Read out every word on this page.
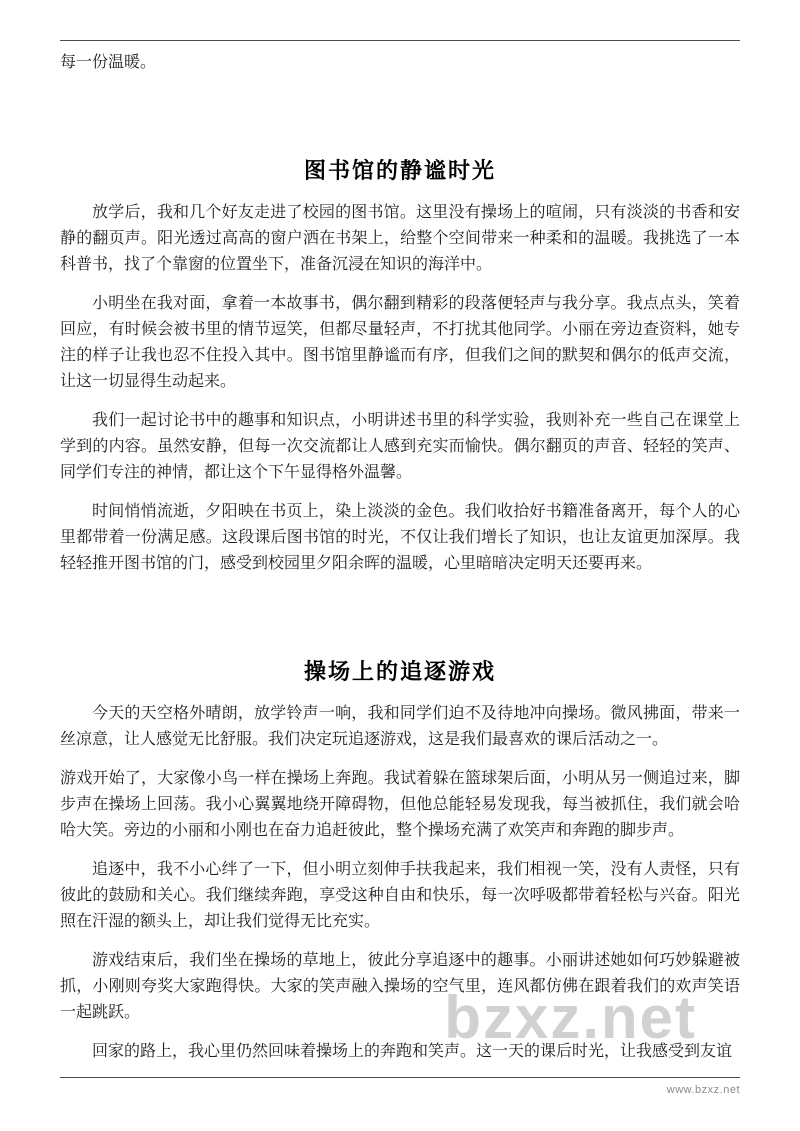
每一份温暖。
图书馆的静谧时光

放学后，我和几个好友走进了校园的图书馆。这里没有操场上的喧闹，只有淡淡的书香和安静的翻页声。阳光透过高高的窗户洒在书架上，给整个空间带来一种柔和的温暖。我挑选了一本科普书，找了个靠窗的位置坐下，准备沉浸在知识的海洋中。

小明坐在我对面，拿着一本故事书，偶尔翻到精彩的段落便轻声与我分享。我点点头，笑着回应，有时候会被书里的情节逗笑，但都尽量轻声，不打扰其他同学。小丽在旁边查资料，她专注的样子让我也忍不住投入其中。图书馆里静谧而有序，但我们之间的默契和偶尔的低声交流，让这一切显得生动起来。

我们一起讨论书中的趣事和知识点，小明讲述书里的科学实验，我则补充一些自己在课堂上学到的内容。虽然安静，但每一次交流都让人感到充实而愉快。偶尔翻页的声音、轻轻的笑声、同学们专注的神情，都让这个下午显得格外温馨。

时间悄悄流逝，夕阳映在书页上，染上淡淡的金色。我们收拾好书籍准备离开，每个人的心里都带着一份满足感。这段课后图书馆的时光，不仅让我们增长了知识，也让友谊更加深厚。我轻轻推开图书馆的门，感受到校园里夕阳余晖的温暖，心里暗暗决定明天还要再来。

操场上的追逐游戏

今天的天空格外晴朗，放学铃声一响，我和同学们迫不及待地冲向操场。微风拂面，带来一丝凉意，让人感觉无比舒服。我们决定玩追逐游戏，这是我们最喜欢的课后活动之一。

游戏开始了，大家像小鸟一样在操场上奔跑。我试着躲在篮球架后面，小明从另一侧追过来，脚步声在操场上回荡。我小心翼翼地绕开障碍物，但他总能轻易发现我，每当被抓住，我们就会哈哈大笑。旁边的小丽和小刚也在奋力追赶彼此，整个操场充满了欢笑声和奔跑的脚步声。

追逐中，我不小心绊了一下，但小明立刻伸手扶我起来，我们相视一笑，没有人责怪，只有彼此的鼓励和关心。我们继续奔跑，享受这种自由和快乐，每一次呼吸都带着轻松与兴奋。阳光照在汗湿的额头上，却让我们觉得无比充实。

游戏结束后，我们坐在操场的草地上，彼此分享追逐中的趣事。小丽讲述她如何巧妙躲避被抓，小刚则夸奖大家跑得快。大家的笑声融入操场的空气里，连风都仿佛在跟着我们的欢声笑语一起跳跃。

回家的路上，我心里仍然回味着操场上的奔跑和笑声。这一天的课后时光，让我感受到友谊

bzxz.net
www.bzxz.net
